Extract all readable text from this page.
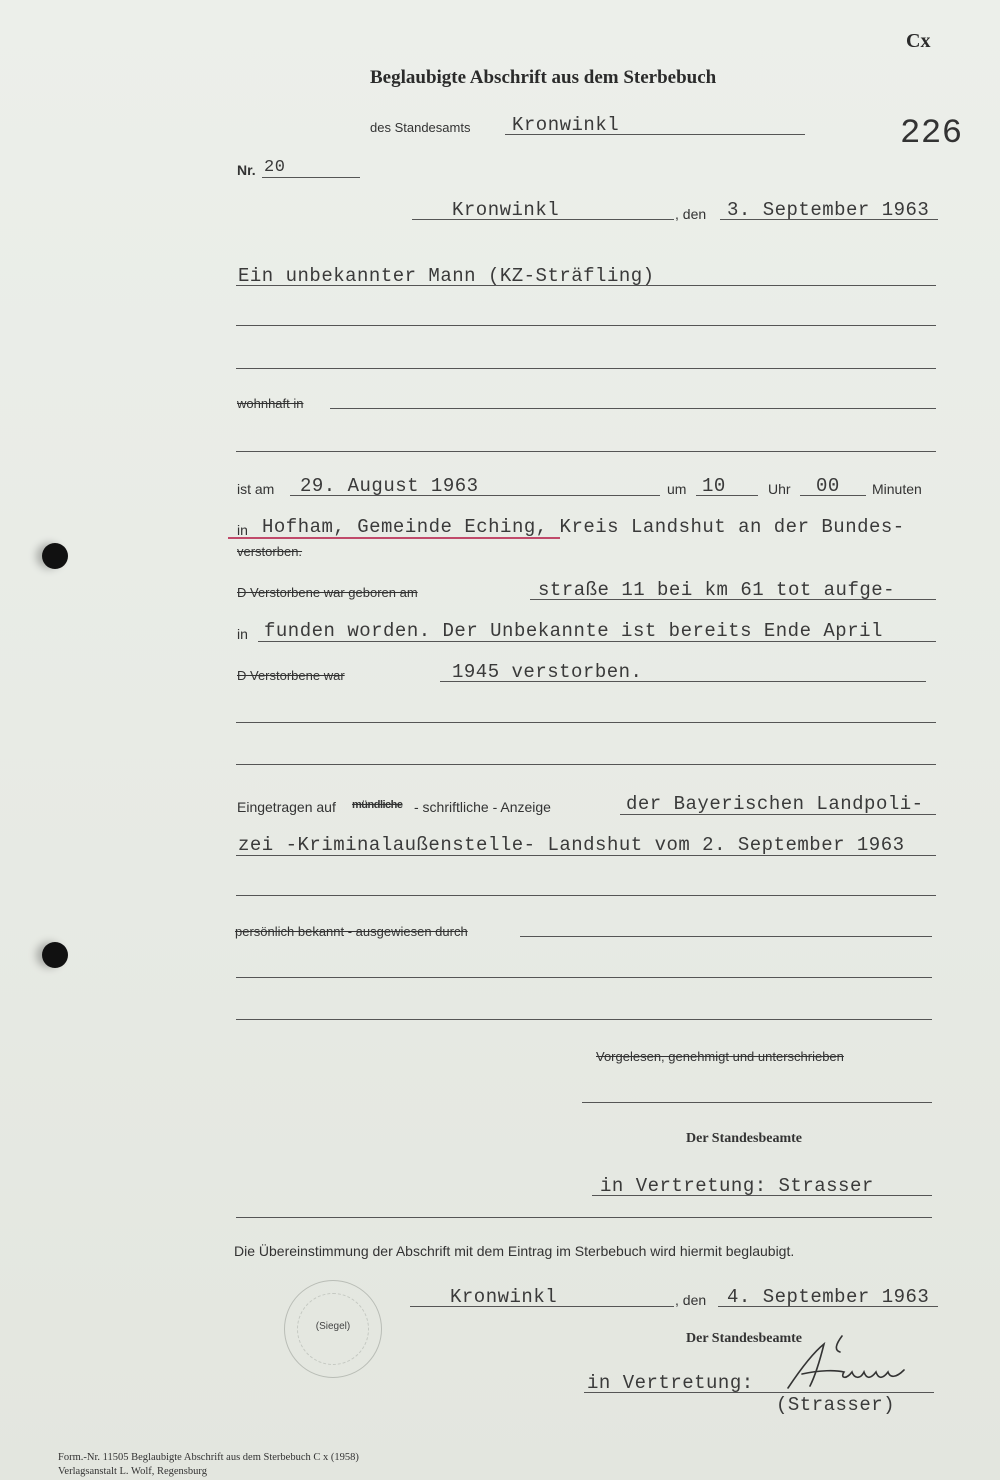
Cx
Beglaubigte Abschrift aus dem Sterbebuch
des Standesamts Kronwinkl	226
Nr. 20
Kronwinkl	, den 3. September 1963
Ein unbekannter Mann (KZ-Sträfling)
wohnhaft in
ist am 29. August 1963	um 10	Uhr 00 Minuten
in Hofham, Gemeinde Eching, Kreis Landshut an der Bundes-
verstorben.
D Verstorbene war geboren am	straße 11 bei km 61 tot aufge-
in funden worden. Der Unbekannte ist bereits Ende April
D Verstorbene war	1945 verstorben.
Eingetragen auf mündliche - schriftliche - Anzeige	der Bayerischen Landpoli-
zei -Kriminalaußenstelle- Landshut vom 2. September 1963
persönlich bekannt - ausgewiesen durch
Vorgelesen, genehmigt und unterschrieben
Der Standesbeamte
in Vertretung: Strasser
Die Übereinstimmung der Abschrift mit dem Eintrag im Sterbebuch wird hiermit beglaubigt.
Kronwinkl	, den 4. September 1963
(Siegel)
Der Standesbeamte
in Vertretung:
(Strasser)
Form.-Nr. 11505 Beglaubigte Abschrift aus dem Sterbebuch C x (1958)
Verlagsanstalt L. Wolf, Regensburg
